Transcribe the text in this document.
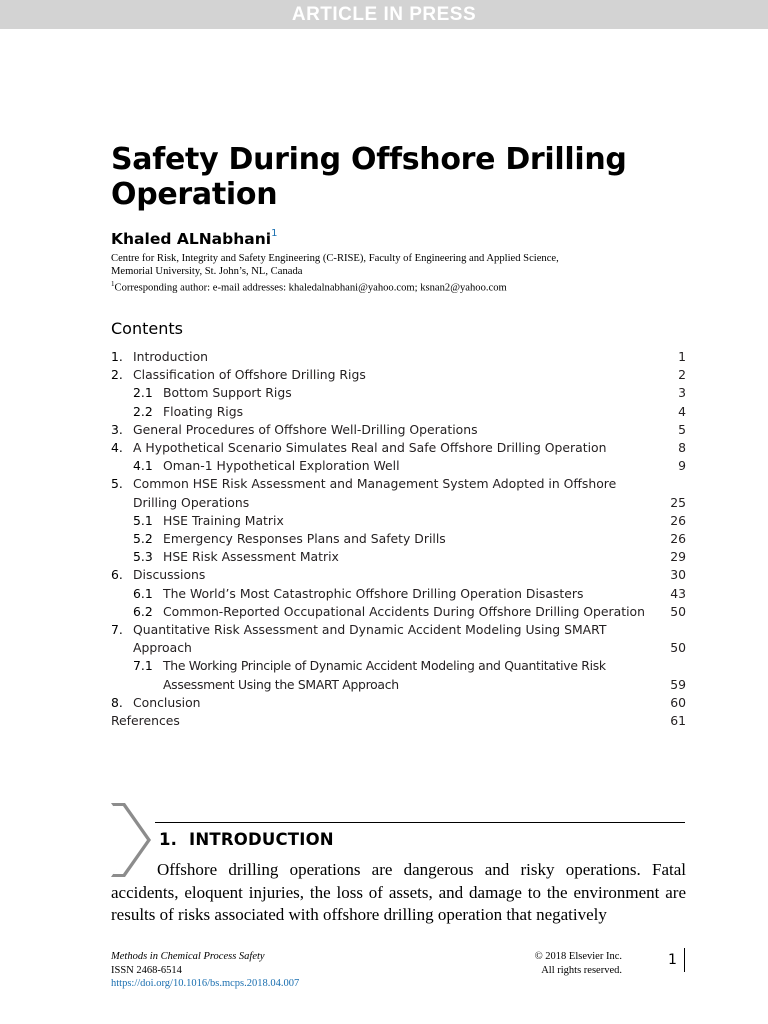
ARTICLE IN PRESS
Safety During Offshore Drilling Operation
Khaled ALNabhani$^1$
Centre for Risk, Integrity and Safety Engineering (C-RISE), Faculty of Engineering and Applied Science,
Memorial University, St. John’s, NL, Canada
$^1$Corresponding author: e-mail addresses: khaledalnabhani@yahoo.com; ksnan2@yahoo.com
Contents
1. Introduction	1
2. Classification of Offshore Drilling Rigs	2
2.1 Bottom Support Rigs	3
2.2 Floating Rigs	4
3. General Procedures of Offshore Well-Drilling Operations	5
4. A Hypothetical Scenario Simulates Real and Safe Offshore Drilling Operation	8
4.1 Oman-1 Hypothetical Exploration Well	9
5. Common HSE Risk Assessment and Management System Adopted in Offshore Drilling Operations	25
5.1 HSE Training Matrix	26
5.2 Emergency Responses Plans and Safety Drills	26
5.3 HSE Risk Assessment Matrix	29
6. Discussions	30
6.1 The World’s Most Catastrophic Offshore Drilling Operation Disasters	43
6.2 Common-Reported Occupational Accidents During Offshore Drilling Operation	50
7. Quantitative Risk Assessment and Dynamic Accident Modeling Using SMART Approach	50
7.1 The Working Principle of Dynamic Accident Modeling and Quantitative Risk Assessment Using the SMART Approach	59
8. Conclusion	60
References	61
1. INTRODUCTION

Offshore drilling operations are dangerous and risky operations. Fatal accidents, eloquent injuries, the loss of assets, and damage to the environment are results of risks associated with offshore drilling operation that negatively

Methods in Chemical Process Safety
ISSN 2468-6514
https://doi.org/10.1016/bs.mcps.2018.04.007
© 2018 Elsevier Inc.
All rights reserved.
1
